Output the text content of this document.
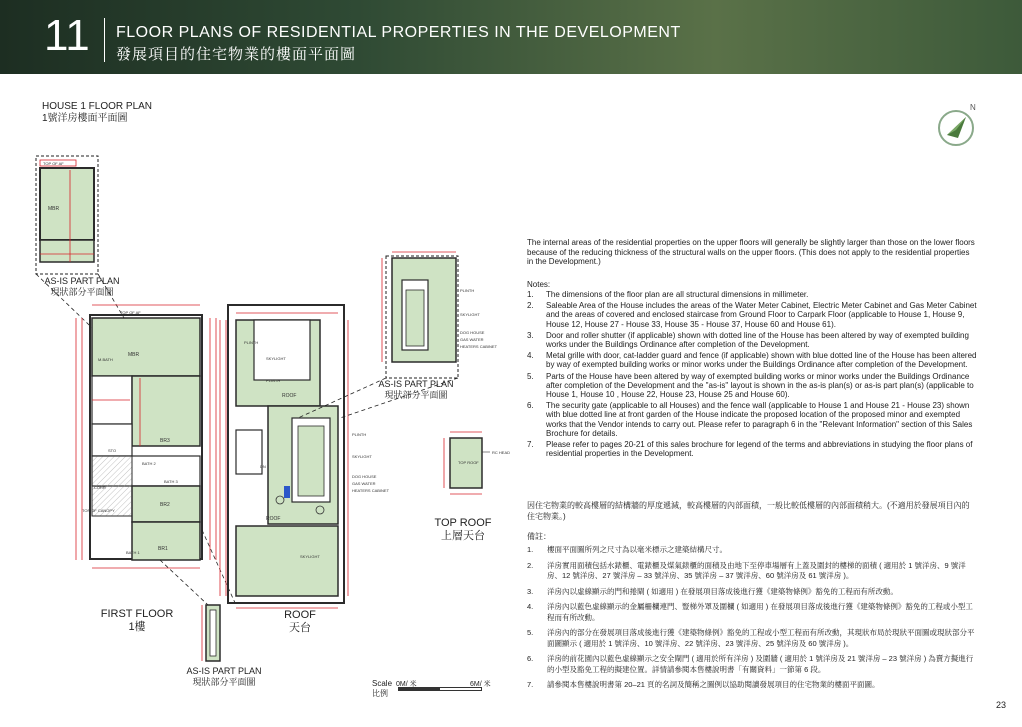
11 FLOOR PLANS OF RESIDENTIAL PROPERTIES IN THE DEVELOPMENT
發展項目的住宅物業的樓面平面圖
HOUSE 1 FLOOR PLAN
1號洋房樓面平面圖
N
TOP OF AF
MBR
TOP OF AF
MBR
M.BATH
BR3
STO
BATH 2
BATH 3
CORR
BR2
TOP OF CANOPY
BR1
BATH 1
PLINTH
SKYLIGHT
PLINTH
ROOF
DN
PLINTH
SKYLIGHT
DOG HOUSE
GAS WATER
HEATERS CABINET
ROOF
SKYLIGHT
PLINTH
SKYLIGHT
DOG HOUSE
GAS WATER
HEATERS CABINET
TOP ROOF
RC HEAD
AS-IS PART PLAN
現狀部分平面圖
AS-IS PART PLAN
現狀部分平面圖
AS-IS PART PLAN
現狀部分平面圖
FIRST FLOOR
1樓
ROOF
天台
TOP ROOF
上層天台
The internal areas of the residential properties on the upper floors will generally be slightly larger than those on the lower floors because of the reducing thickness of the structural walls on the upper floors. (This does not apply to the residential properties in the Development.)
Notes:
1. The dimensions of the floor plan are all structural dimensions in millimeter.
2. Saleable Area of the House includes the areas of the Water Meter Cabinet, Electric Meter Cabinet and Gas Meter Cabinet and the areas of covered and enclosed staircase from Ground Floor to Carpark Floor (applicable to House 1, House 9, House 12, House 27 - House 33, House 35 - House 37, House 60 and House 61).
3. Door and roller shutter (if applicable) shown with dotted line of the House has been altered by way of exempted building works under the Buildings Ordinance after completion of the Development.
4. Metal grille with door, cat-ladder guard and fence (if applicable) shown with blue dotted line of the House has been altered by way of exempted building works or minor works under the Buildings Ordinance after completion of the Development.
5. Parts of the House have been altered by way of exempted building works or minor works under the Buildings Ordinance after completion of the Development and the "as-is" layout is shown in the as-is plan(s) or as-is part plan(s) (applicable to House 1, House 10 , House 22, House 23, House 25 and House 60).
6. The security gate (applicable to all Houses) and the fence wall (applicable to House 1 and House 21 - House 23) shown with blue dotted line at front garden of the House indicate the proposed location of the proposed minor and exempted works that the Vendor intends to carry out. Please refer to paragraph 6 in the "Relevant Information" section of this Sales Brochure for details.
7. Please refer to pages 20-21 of this sales brochure for legend of the terms and abbreviations in studying the floor plans of residential properties in the Development.
因住宅物業的較高樓層的結構牆的厚度遞減，較高樓層的內部面積，一般比較低樓層的內部面積稍大。(不適用於發展項目內的住宅物業。)
備註：
1. 樓面平面圖所列之尺寸為以毫米標示之建築結構尺寸。
2. 洋房實用面積包括水錶櫃、電錶櫃及煤氣錶櫃的面積及由地下至停車場層有上蓋及圍封的樓梯的面積 ( 適用於 1 號洋房、9 號洋房、12 號洋房、27 號洋房 – 33 號洋房、35 號洋房 – 37 號洋房、60 號洋房及 61 號洋房 )。
3. 洋房內以虛線顯示的門和捲閘 ( 如適用 ) 在發展項目落成後進行獲《建築物條例》豁免的工程而有所改動。
4. 洋房內以藍色虛線顯示的金屬柵欄連門、豎梯外罩及圍欄 ( 如適用 ) 在發展項目落成後進行獲《建築物條例》豁免的工程或小型工程而有所改動。
5. 洋房內的部分在發展項目落成後進行獲《建築物條例》豁免的工程或小型工程而有所改動，其現狀布局於現狀平面圖或現狀部分平面圖顯示 ( 適用於 1 號洋房、10 號洋房、22 號洋房、23 號洋房、25 號洋房及 60 號洋房 )。
6. 洋房的前花園內以藍色虛線顯示之安全閘門 ( 適用於所有洋房 ) 及圍牆 ( 適用於 1 號洋房及 21 號洋房 – 23 號洋房 ) 為賣方擬進行的小型及豁免工程的擬建位置。詳情請參閱本售樓說明書「有關資料」一節第 6 段。
7. 請參閱本售樓說明書第 20–21 頁的名詞及簡稱之圖例以協助閱讀發展項目的住宅物業的樓面平面圖。
Scale
比例
0M/ 米	6M/ 米
23
